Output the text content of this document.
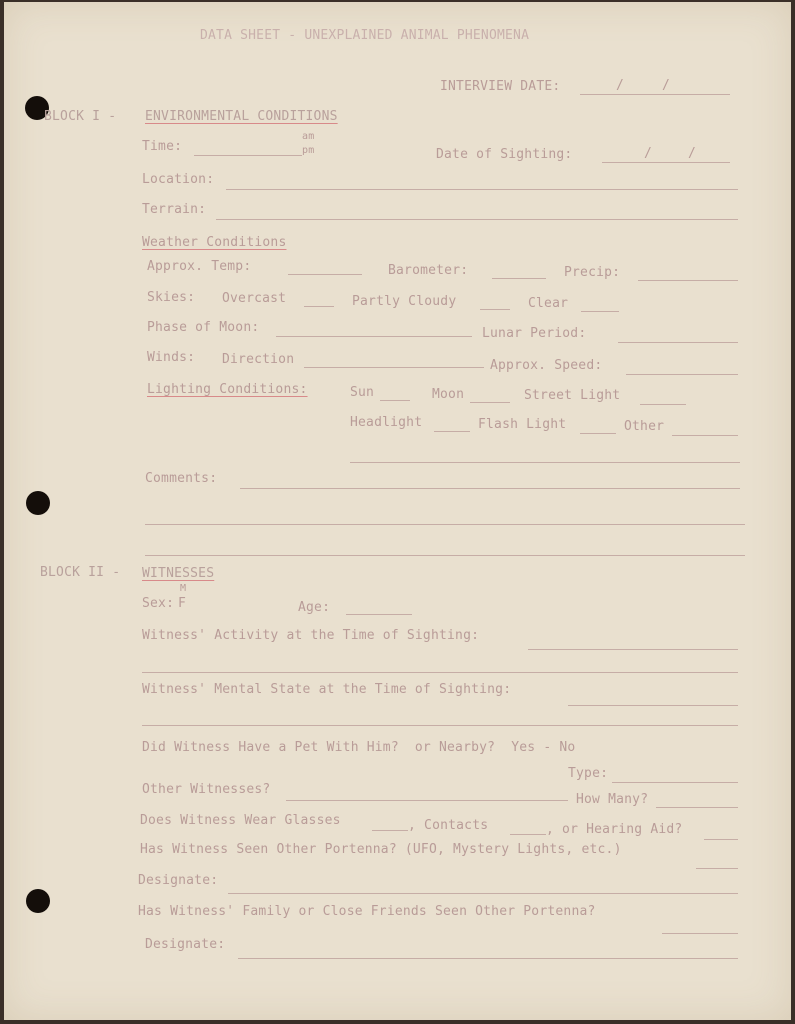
DATA SHEET - UNEXPLAINED ANIMAL PHENOMENA
INTERVIEW DATE:	/	/
BLOCK I - ENVIRONMENTAL CONDITIONS
Time:
am
pm	Date of Sighting:	/	/
Location:
Terrain:
Weather Conditions
Approx. Temp:	Barometer:	Precip:
Skies: Overcast	Partly Cloudy	Clear
Phase of Moon:	Lunar Period:
Winds: Direction	Approx. Speed:
Lighting Conditions:	Sun	Moon	Street Light
Headlight	Flash Light	Other
Comments:
BLOCK II - WITNESSES
M
Sex: F	Age:
Witness' Activity at the Time of Sighting:
Witness' Mental State at the Time of Sighting:
Did Witness Have a Pet With Him?  or Nearby?  Yes - No
Type:
Other Witnesses?
How Many?
Does Witness Wear Glasses	, Contacts	, or Hearing Aid?
Has Witness Seen Other Portenna? (UFO, Mystery Lights, etc.)
Designate:
Has Witness' Family or Close Friends Seen Other Portenna?
Designate:
